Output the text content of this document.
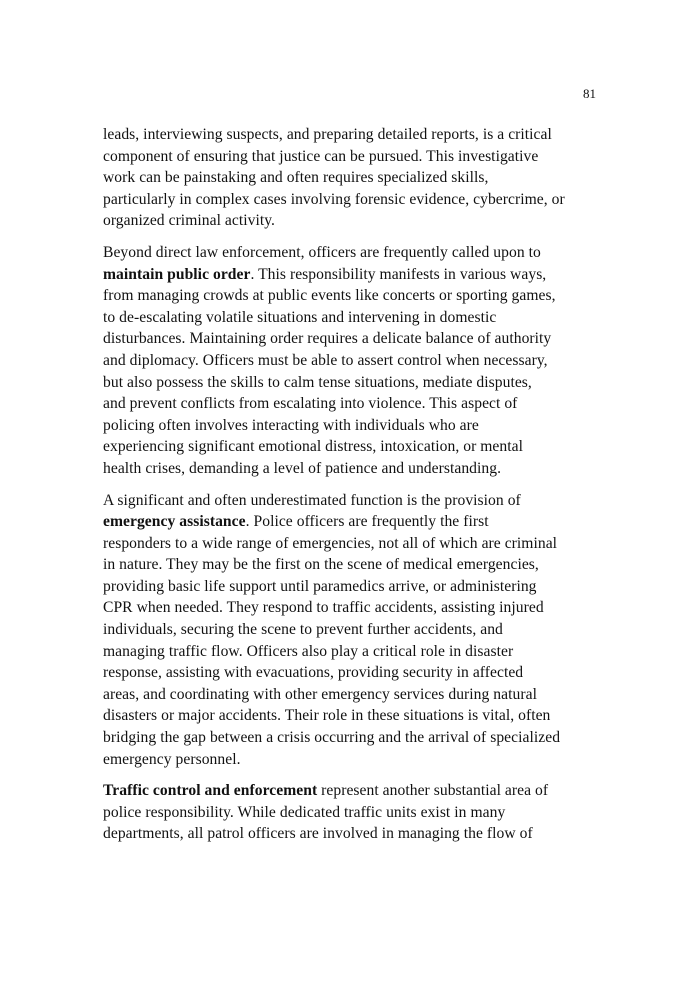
81
leads, interviewing suspects, and preparing detailed reports, is a critical
component of ensuring that justice can be pursued. This investigative
work can be painstaking and often requires specialized skills,
particularly in complex cases involving forensic evidence, cybercrime, or
organized criminal activity.
Beyond direct law enforcement, officers are frequently called upon to
maintain public order. This responsibility manifests in various ways,
from managing crowds at public events like concerts or sporting games,
to de-escalating volatile situations and intervening in domestic
disturbances. Maintaining order requires a delicate balance of authority
and diplomacy. Officers must be able to assert control when necessary,
but also possess the skills to calm tense situations, mediate disputes,
and prevent conflicts from escalating into violence. This aspect of
policing often involves interacting with individuals who are
experiencing significant emotional distress, intoxication, or mental
health crises, demanding a level of patience and understanding.
A significant and often underestimated function is the provision of
emergency assistance. Police officers are frequently the first
responders to a wide range of emergencies, not all of which are criminal
in nature. They may be the first on the scene of medical emergencies,
providing basic life support until paramedics arrive, or administering
CPR when needed. They respond to traffic accidents, assisting injured
individuals, securing the scene to prevent further accidents, and
managing traffic flow. Officers also play a critical role in disaster
response, assisting with evacuations, providing security in affected
areas, and coordinating with other emergency services during natural
disasters or major accidents. Their role in these situations is vital, often
bridging the gap between a crisis occurring and the arrival of specialized
emergency personnel.
Traffic control and enforcement represent another substantial area of
police responsibility. While dedicated traffic units exist in many
departments, all patrol officers are involved in managing the flow of
